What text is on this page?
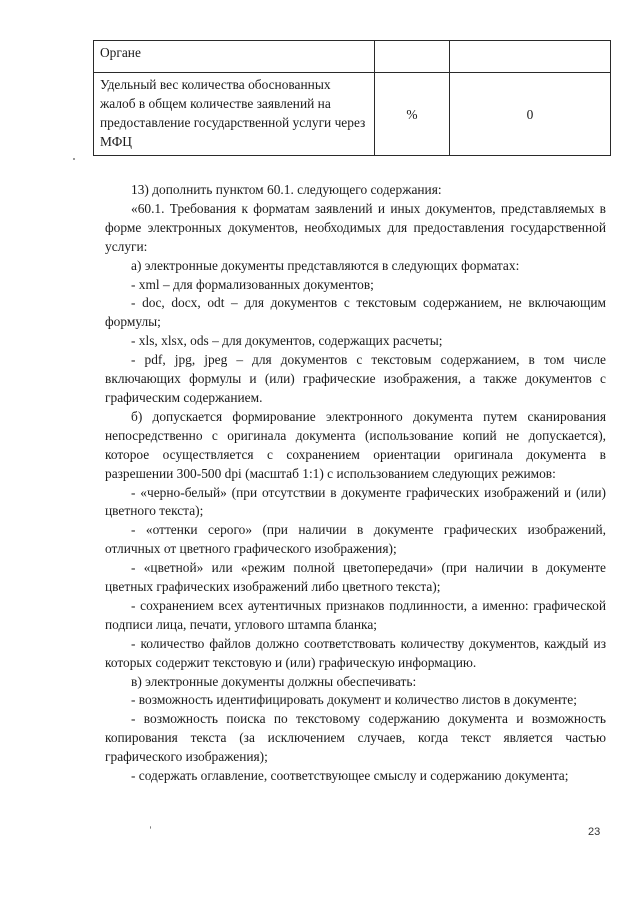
Органе		
Удельный вес количества обоснованных жалоб в общем количестве заявлений на предоставление государственной услуги через МФЦ	%	0

13) дополнить пунктом 60.1. следующего содержания:

«60.1. Требования к форматам заявлений и иных документов, представляемых в форме электронных документов, необходимых для предоставления государственной услуги:

а) электронные документы представляются в следующих форматах:

- xml – для формализованных документов;

- doc, docx, odt – для документов с текстовым содержанием, не включающим формулы;

- xls, xlsx, ods – для документов, содержащих расчеты;

- pdf, jpg, jpeg – для документов с текстовым содержанием, в том числе включающих формулы и (или) графические изображения, а также документов с графическим содержанием.

б) допускается формирование электронного документа путем сканирования непосредственно с оригинала документа (использование копий не допускается), которое осуществляется с сохранением ориентации оригинала документа в разрешении 300-500 dpi (масштаб 1:1) с использованием следующих режимов:

- «черно-белый» (при отсутствии в документе графических изображений и (или) цветного текста);

- «оттенки серого» (при наличии в документе графических изображений, отличных от цветного графического изображения);

- «цветной» или «режим полной цветопередачи» (при наличии в документе цветных графических изображений либо цветного текста);

- сохранением всех аутентичных признаков подлинности, а именно: графической подписи лица, печати, углового штампа бланка;

- количество файлов должно соответствовать количеству документов, каждый из которых содержит текстовую и (или) графическую информацию.

в) электронные документы должны обеспечивать:

- возможность идентифицировать документ и количество листов в документе;

- возможность поиска по текстовому содержанию документа и возможность копирования текста (за исключением случаев, когда текст является частью графического изображения);

- содержать оглавление, соответствующее смыслу и содержанию документа;

23
